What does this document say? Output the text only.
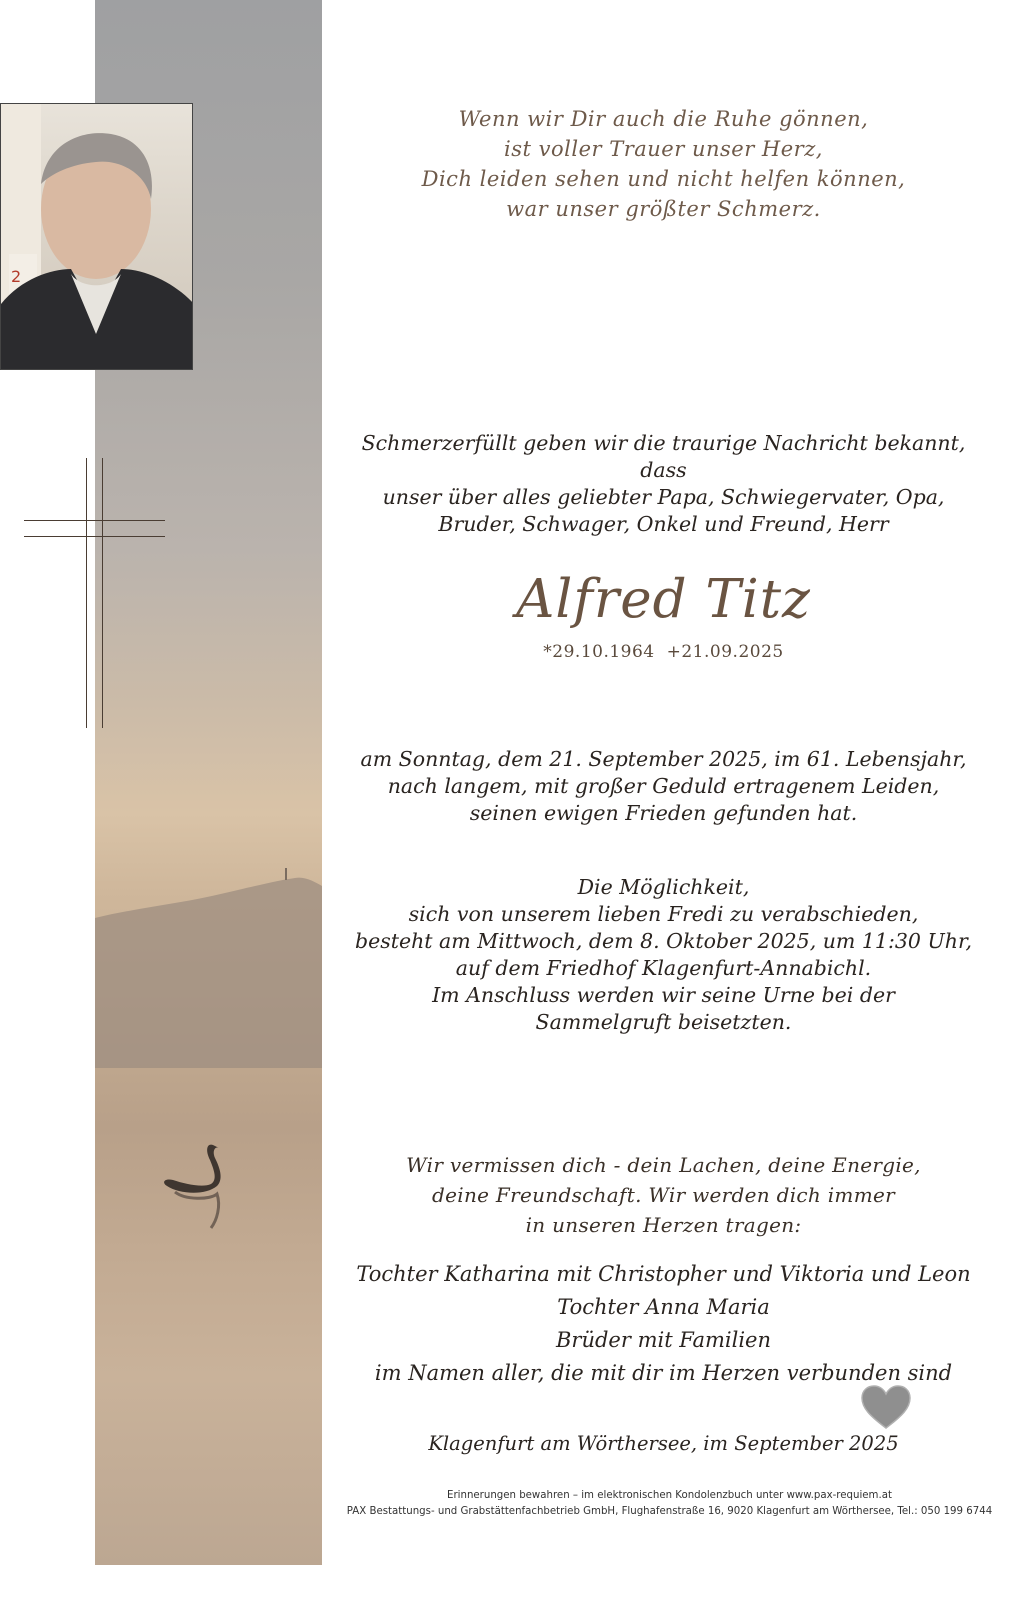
2
Wenn wir Dir auch die Ruhe gönnen,
ist voller Trauer unser Herz,
Dich leiden sehen und nicht helfen können,
war unser größter Schmerz.
Schmerzerfüllt geben wir die traurige Nachricht bekannt, dass
unser über alles geliebter Papa, Schwiegervater, Opa,
Bruder, Schwager, Onkel und Freund, Herr
Alfred Titz
*29.10.1964 +21.09.2025
am Sonntag, dem 21. September 2025, im 61. Lebensjahr,
nach langem, mit großer Geduld ertragenem Leiden,
seinen ewigen Frieden gefunden hat.
Die Möglichkeit,
sich von unserem lieben Fredi zu verabschieden,
besteht am Mittwoch, dem 8. Oktober 2025, um 11:30 Uhr,
auf dem Friedhof Klagenfurt-Annabichl.
Im Anschluss werden wir seine Urne bei der
Sammelgruft beisetzten.
Wir vermissen dich - dein Lachen, deine Energie,
deine Freundschaft. Wir werden dich immer
in unseren Herzen tragen:
Tochter Katharina mit Christopher und Viktoria und Leon
Tochter Anna Maria
Brüder mit Familien
im Namen aller, die mit dir im Herzen verbunden sind
Klagenfurt am Wörthersee, im September 2025
Erinnerungen bewahren – im elektronischen Kondolenzbuch unter www.pax-requiem.at
PAX Bestattungs- und Grabstättenfachbetrieb GmbH, Flughafenstraße 16, 9020 Klagenfurt am Wörthersee, Tel.: 050 199 6744
